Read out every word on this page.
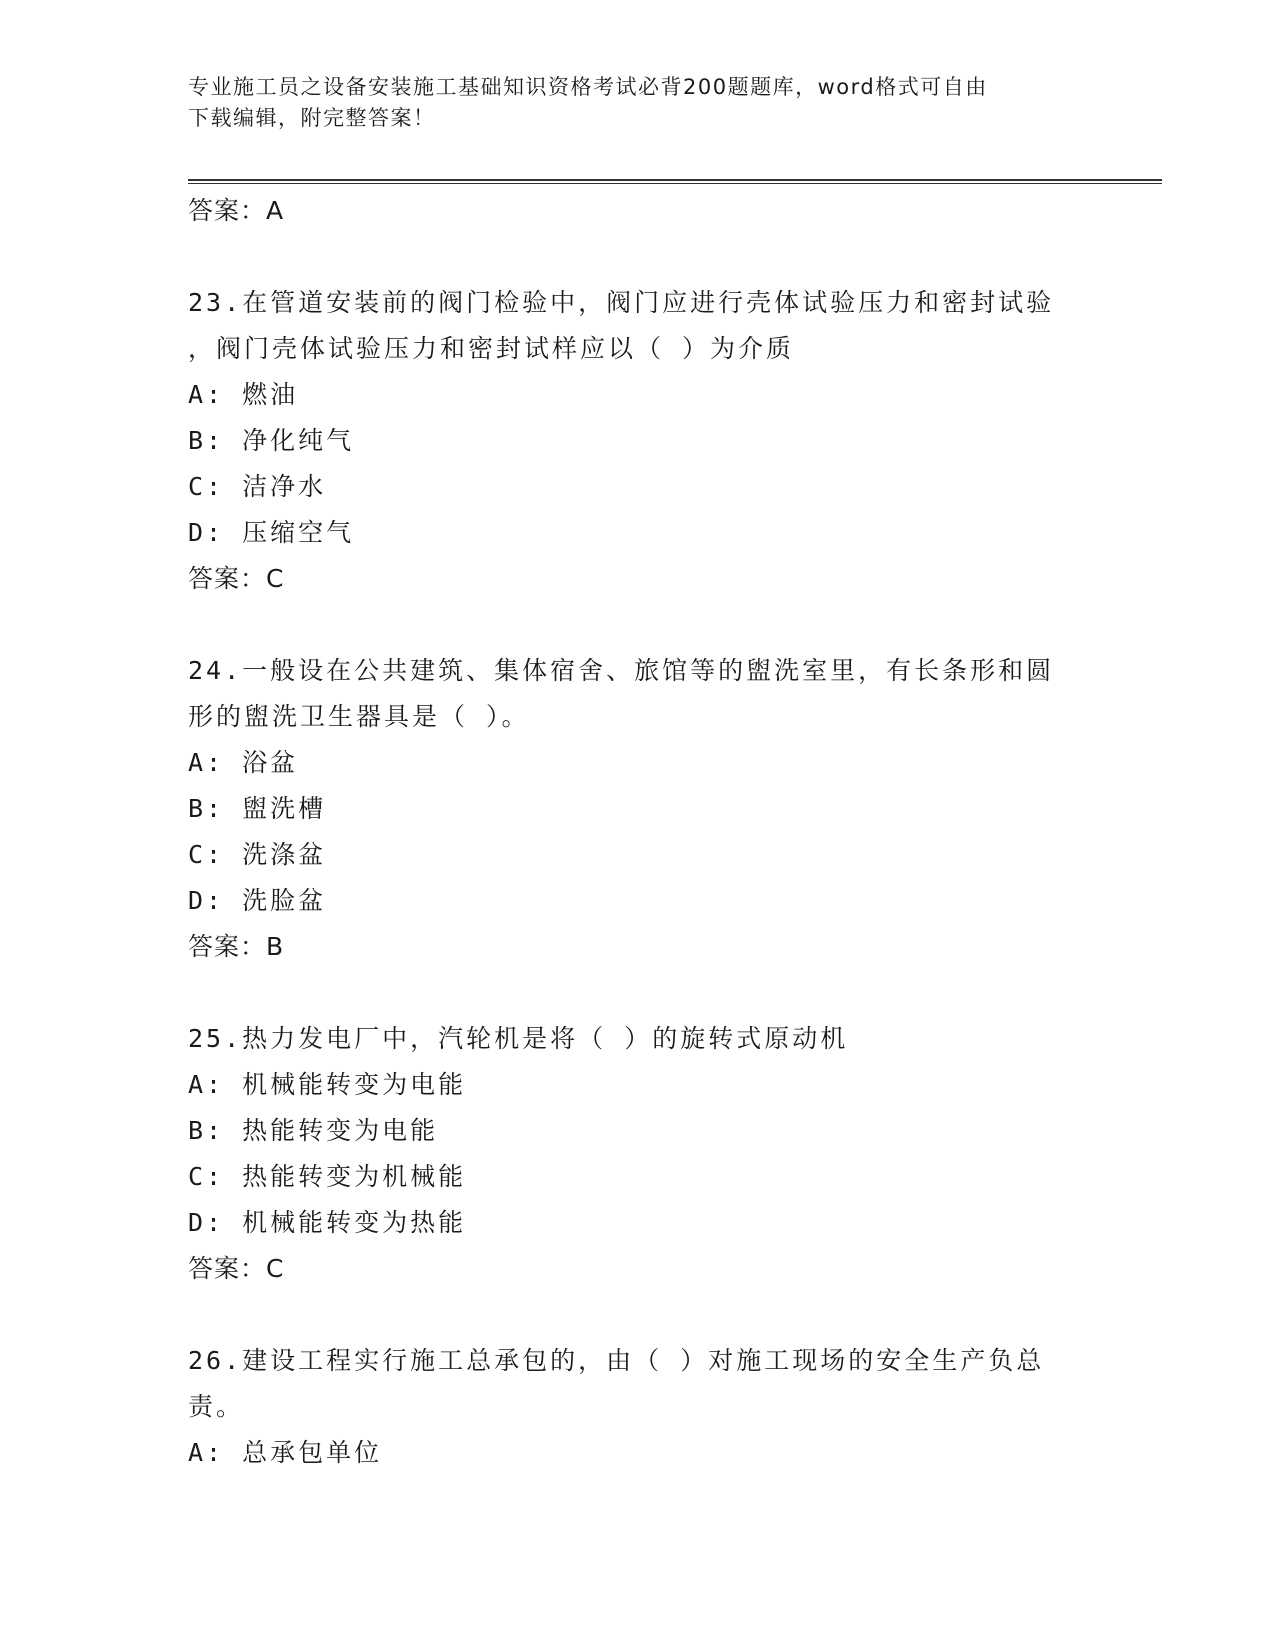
专业施工员之设备安装施工基础知识资格考试必背200题题库，word格式可自由
下载编辑，附完整答案！
答案：A
23.在管道安装前的阀门检验中，阀门应进行壳体试验压力和密封试验
，阀门壳体试验压力和密封试样应以（ ）为介质
A: 燃油
B: 净化纯气
C: 洁净水
D: 压缩空气
答案：C
24.一般设在公共建筑、集体宿舍、旅馆等的盥洗室里，有长条形和圆
形的盥洗卫生器具是（ ）。
A: 浴盆
B: 盥洗槽
C: 洗涤盆
D: 洗脸盆
答案：B
25.热力发电厂中，汽轮机是将（ ）的旋转式原动机
A: 机械能转变为电能
B: 热能转变为电能
C: 热能转变为机械能
D: 机械能转变为热能
答案：C
26.建设工程实行施工总承包的，由（ ）对施工现场的安全生产负总
责。
A: 总承包单位
